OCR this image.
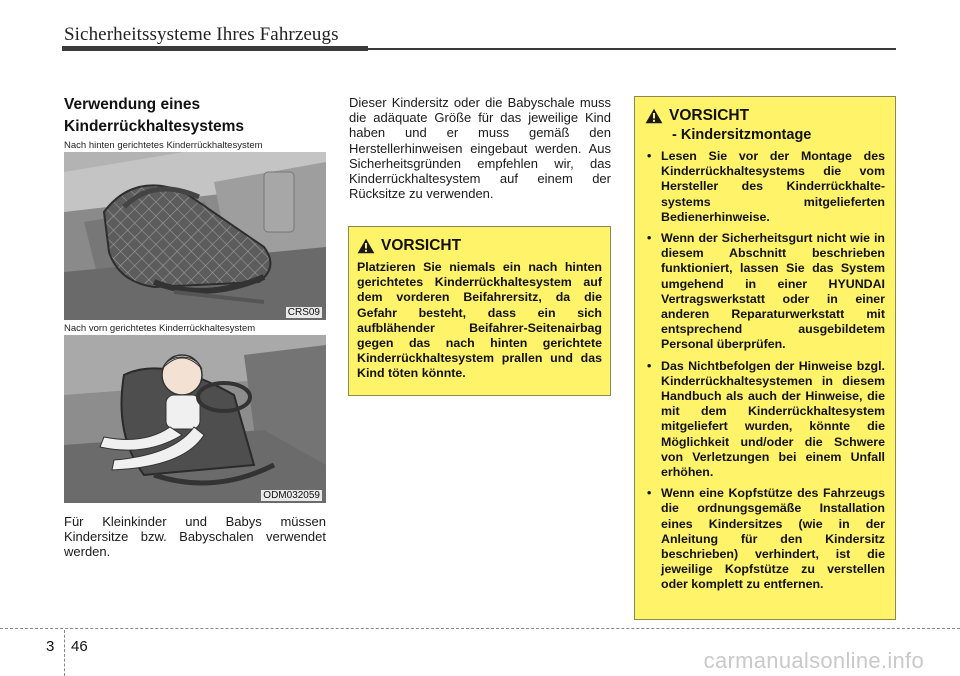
Sicherheitssysteme Ihres Fahrzeugs
Verwendung eines Kinderrückhaltesystems
Nach hinten gerichtetes Kinderrückhaltesystem
CRS09
Nach vorn gerichtetes Kinderrückhaltesystem
ODM032059
Für Kleinkinder und Babys müssen Kindersitze bzw. Babyschalen verwendet werden.
Dieser Kindersitz oder die Babyschale muss die adäquate Größe für das jeweilige Kind haben und er muss gemäß den Herstellerhinweisen eingebaut werden. Aus Sicherheitsgründen empfehlen wir, das Kinderrückhaltesystem auf einem der Rücksitze zu verwenden.
VORSICHT
Platzieren Sie niemals ein nach hinten gerichtetes Kinderrückhaltesystem auf dem vorderen Beifahrersitz, da die Gefahr besteht, dass ein sich aufblähender Beifahrer-Seitenairbag gegen das nach hinten gerichtete Kinderrückhaltesystem prallen und das Kind töten könnte.
VORSICHT
- Kindersitzmontage
• Lesen Sie vor der Montage des Kinderrückhaltesystems die vom Hersteller des Kinderrückhalte-systems mitgelieferten Bedienerhinweise.
• Wenn der Sicherheitsgurt nicht wie in diesem Abschnitt beschrieben funktioniert, lassen Sie das System umgehend in einer HYUNDAI Vertragswerkstatt oder in einer anderen Reparaturwerkstatt mit entsprechend ausgebildetem Personal überprüfen.
• Das Nichtbefolgen der Hinweise bzgl. Kinderrückhaltesystemen in diesem Handbuch als auch der Hinweise, die mit dem Kinderrückhaltesystem mitgeliefert wurden, könnte die Möglichkeit und/oder die Schwere von Verletzungen bei einem Unfall erhöhen.
• Wenn eine Kopfstütze des Fahrzeugs die ordnungsgemäße Installation eines Kindersitzes (wie in der Anleitung für den Kindersitz beschrieben) verhindert, ist die jeweilige Kopfstütze zu verstellen oder komplett zu entfernen.
3 46
carmanualsonline.info
